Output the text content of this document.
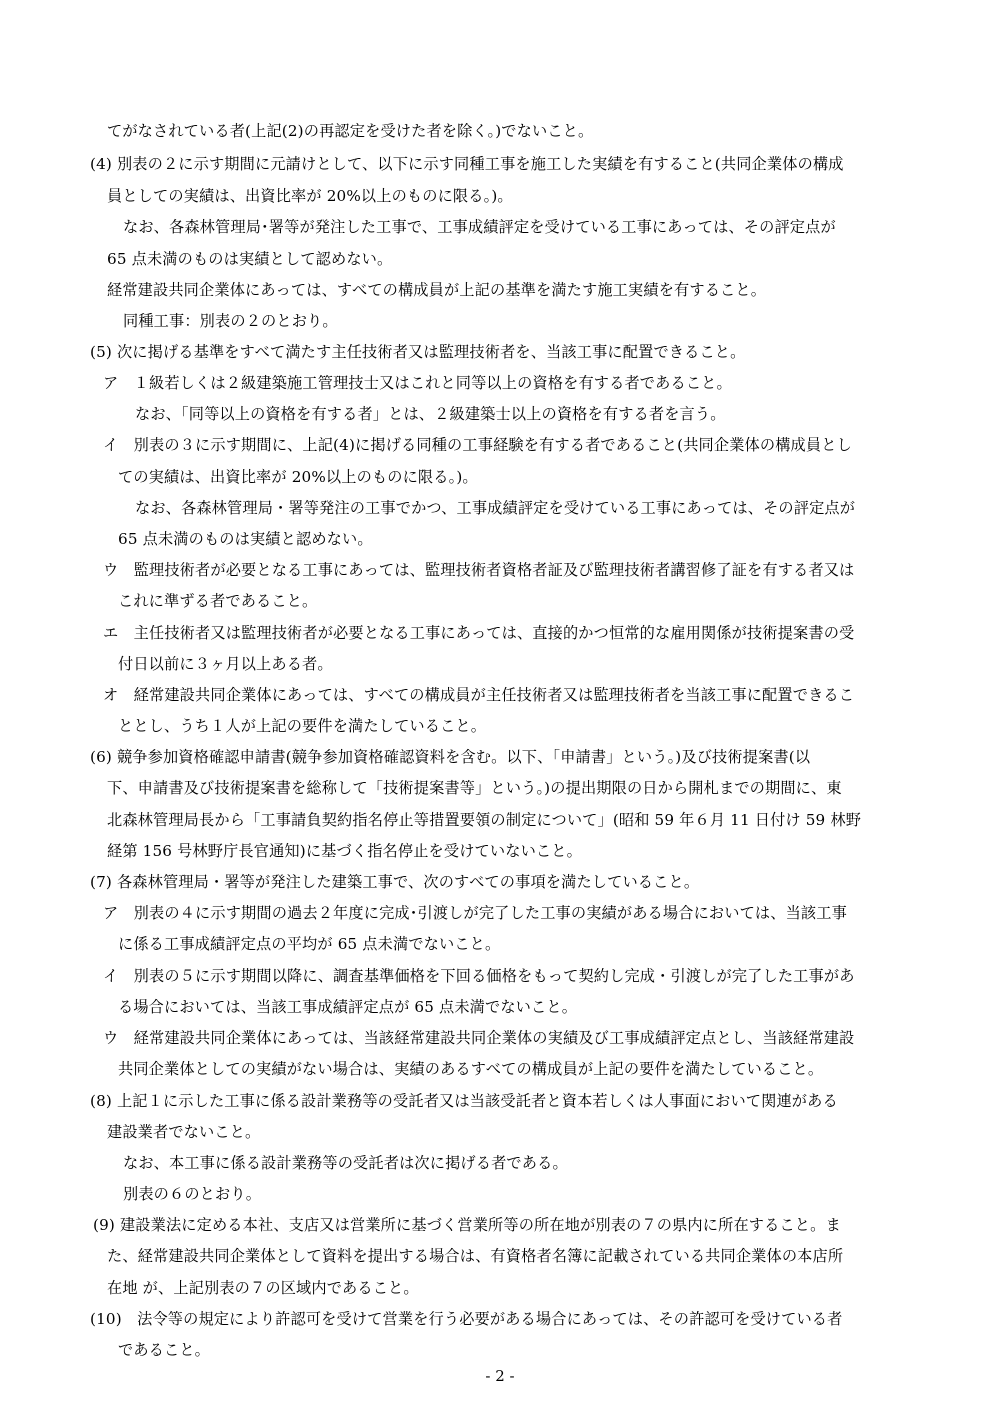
てがなされている者(上記(2)の再認定を受けた者を除く。)でないこと。
(4) 別表の２に示す期間に元請けとして、以下に示す同種工事を施工した実績を有すること(共同企業体の構成
員としての実績は、出資比率が 20%以上のものに限る。)。
なお、各森林管理局･署等が発注した工事で、工事成績評定を受けている工事にあっては、その評定点が
65 点未満のものは実績として認めない。
経常建設共同企業体にあっては、すべての構成員が上記の基準を満たす施工実績を有すること。
同種工事：別表の２のとおり。
(5) 次に掲げる基準をすべて満たす主任技術者又は監理技術者を、当該工事に配置できること。
ア　１級若しくは２級建築施工管理技士又はこれと同等以上の資格を有する者であること。
なお、「同等以上の資格を有する者」とは、２級建築士以上の資格を有する者を言う。
イ　別表の３に示す期間に、上記(4)に掲げる同種の工事経験を有する者であること(共同企業体の構成員とし
ての実績は、出資比率が 20%以上のものに限る。)。
なお、各森林管理局・署等発注の工事でかつ、工事成績評定を受けている工事にあっては、その評定点が
65 点未満のものは実績と認めない。
ウ　監理技術者が必要となる工事にあっては、監理技術者資格者証及び監理技術者講習修了証を有する者又は
これに準ずる者であること。
エ　主任技術者又は監理技術者が必要となる工事にあっては、直接的かつ恒常的な雇用関係が技術提案書の受
付日以前に３ヶ月以上ある者。
オ　経常建設共同企業体にあっては、すべての構成員が主任技術者又は監理技術者を当該工事に配置できるこ
ととし、うち１人が上記の要件を満たしていること。
(6) 競争参加資格確認申請書(競争参加資格確認資料を含む。以下、「申請書」という。)及び技術提案書(以
下、申請書及び技術提案書を総称して「技術提案書等」という。)の提出期限の日から開札までの期間に、東
北森林管理局長から「工事請負契約指名停止等措置要領の制定について」(昭和 59 年６月 11 日付け 59 林野
経第 156 号林野庁長官通知)に基づく指名停止を受けていないこと。
(7) 各森林管理局・署等が発注した建築工事で、次のすべての事項を満たしていること。
ア　別表の４に示す期間の過去２年度に完成･引渡しが完了した工事の実績がある場合においては、当該工事
に係る工事成績評定点の平均が 65 点未満でないこと。
イ　別表の５に示す期間以降に、調査基準価格を下回る価格をもって契約し完成・引渡しが完了した工事があ
る場合においては、当該工事成績評定点が 65 点未満でないこと。
ウ　経常建設共同企業体にあっては、当該経常建設共同企業体の実績及び工事成績評定点とし、当該経常建設
共同企業体としての実績がない場合は、実績のあるすべての構成員が上記の要件を満たしていること。
(8) 上記１に示した工事に係る設計業務等の受託者又は当該受託者と資本若しくは人事面において関連がある
建設業者でないこと。
なお、本工事に係る設計業務等の受託者は次に掲げる者である。
別表の６のとおり。
(9) 建設業法に定める本社、支店又は営業所に基づく営業所等の所在地が別表の７の県内に所在すること。ま
た、経常建設共同企業体として資料を提出する場合は、有資格者名簿に記載されている共同企業体の本店所
在地 が、上記別表の７の区域内であること。
(10)　法令等の規定により許認可を受けて営業を行う必要がある場合にあっては、その許認可を受けている者
であること。
- 2 -
